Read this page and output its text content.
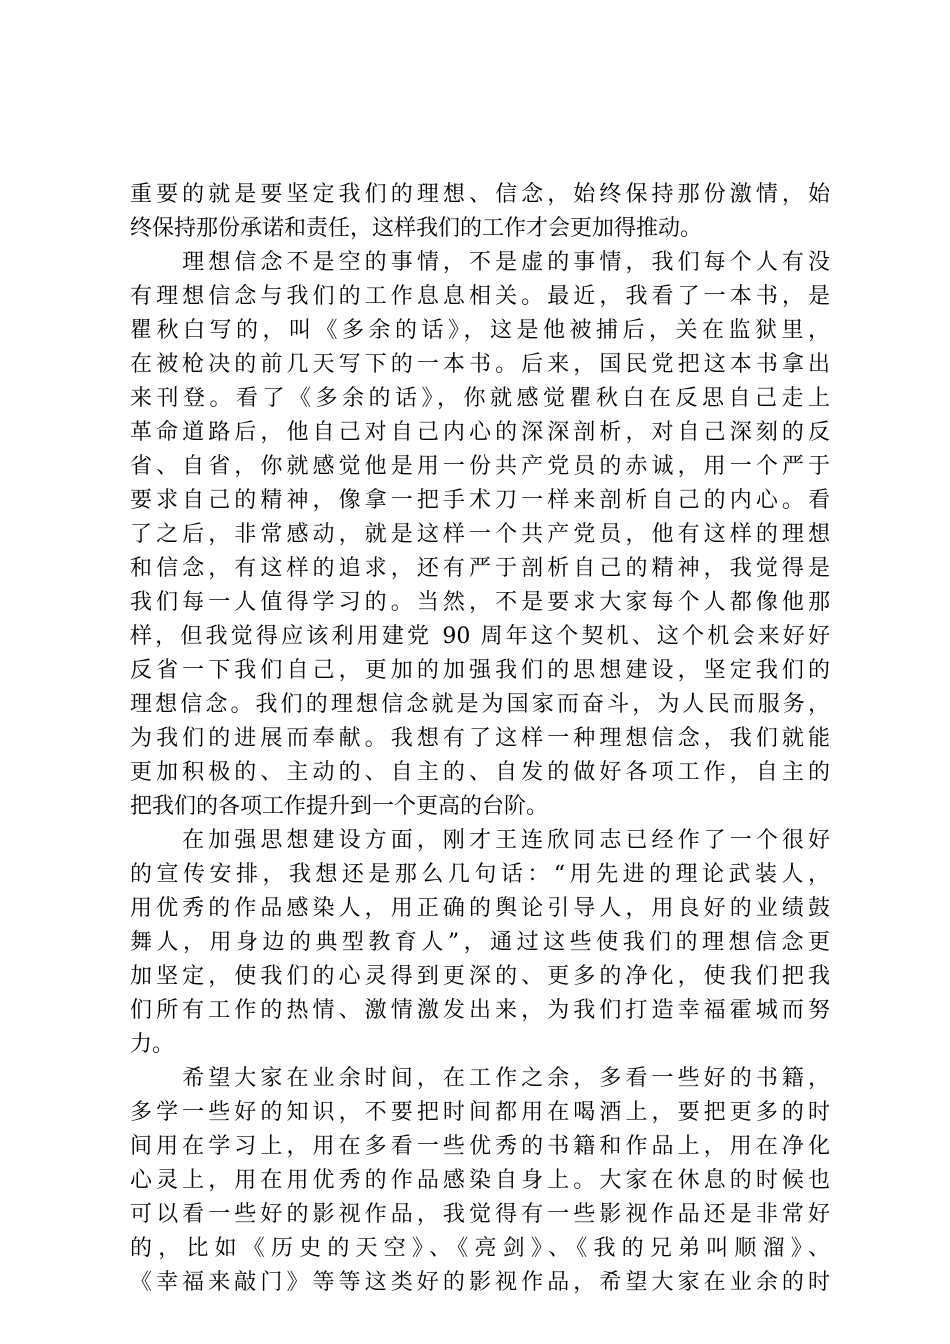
重要的就是要坚定我们的理想、信念，始终保持那份激情，始
终保持那份承诺和责任，这样我们的工作才会更加得推动。
　　理想信念不是空的事情，不是虚的事情，我们每个人有没
有理想信念与我们的工作息息相关。最近，我看了一本书，是
瞿秋白写的，叫《多余的话》，这是他被捕后，关在监狱里，
在被枪决的前几天写下的一本书。后来，国民党把这本书拿出
来刊登。看了《多余的话》，你就感觉瞿秋白在反思自己走上
革命道路后，他自己对自己内心的深深剖析，对自己深刻的反
省、自省，你就感觉他是用一份共产党员的赤诚，用一个严于
要求自己的精神，像拿一把手术刀一样来剖析自己的内心。看
了之后，非常感动，就是这样一个共产党员，他有这样的理想
和信念，有这样的追求，还有严于剖析自己的精神，我觉得是
我们每一人值得学习的。当然，不是要求大家每个人都像他那
样，但我觉得应该利用建党 90 周年这个契机、这个机会来好好
反省一下我们自己，更加的加强我们的思想建设，坚定我们的
理想信念。我们的理想信念就是为国家而奋斗，为人民而服务，
为我们的进展而奉献。我想有了这样一种理想信念，我们就能
更加积极的、主动的、自主的、自发的做好各项工作，自主的
把我们的各项工作提升到一个更高的台阶。
　　在加强思想建设方面，刚才王连欣同志已经作了一个很好
的宣传安排，我想还是那么几句话：“用先进的理论武装人，
用优秀的作品感染人，用正确的舆论引导人，用良好的业绩鼓
舞人，用身边的典型教育人”，通过这些使我们的理想信念更
加坚定，使我们的心灵得到更深的、更多的净化，使我们把我
们所有工作的热情、激情激发出来，为我们打造幸福霍城而努
力。
　　希望大家在业余时间，在工作之余，多看一些好的书籍，
多学一些好的知识，不要把时间都用在喝酒上，要把更多的时
间用在学习上，用在多看一些优秀的书籍和作品上，用在净化
心灵上，用在用优秀的作品感染自身上。大家在休息的时候也
可以看一些好的影视作品，我觉得有一些影视作品还是非常好
的，比如《历史的天空》、《亮剑》、《我的兄弟叫顺溜》、
《幸福来敲门》等等这类好的影视作品，希望大家在业余的时
